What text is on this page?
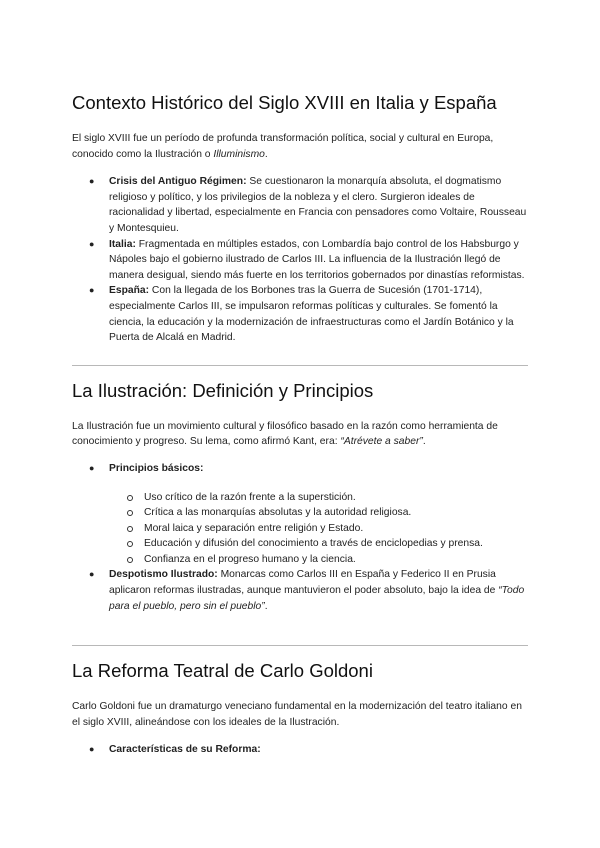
Contexto Histórico del Siglo XVIII en Italia y España

El siglo XVIII fue un período de profunda transformación política, social y cultural en Europa, conocido como la Ilustración o Illuminismo.

● Crisis del Antiguo Régimen: Se cuestionaron la monarquía absoluta, el dogmatismo religioso y político, y los privilegios de la nobleza y el clero. Surgieron ideales de racionalidad y libertad, especialmente en Francia con pensadores como Voltaire, Rousseau y Montesquieu.
● Italia: Fragmentada en múltiples estados, con Lombardía bajo control de los Habsburgo y Nápoles bajo el gobierno ilustrado de Carlos III. La influencia de la Ilustración llegó de manera desigual, siendo más fuerte en los territorios gobernados por dinastías reformistas.
● España: Con la llegada de los Borbones tras la Guerra de Sucesión (1701-1714), especialmente Carlos III, se impulsaron reformas políticas y culturales. Se fomentó la ciencia, la educación y la modernización de infraestructuras como el Jardín Botánico y la Puerta de Alcalá en Madrid.
La Ilustración: Definición y Principios

La Ilustración fue un movimiento cultural y filosófico basado en la razón como herramienta de conocimiento y progreso. Su lema, como afirmó Kant, era: “Atrévete a saber”.

● Principios básicos:
Uso crítico de la razón frente a la superstición.
Crítica a las monarquías absolutas y la autoridad religiosa.
Moral laica y separación entre religión y Estado.
Educación y difusión del conocimiento a través de enciclopedias y prensa.
Confianza en el progreso humano y la ciencia.
● Despotismo Ilustrado: Monarcas como Carlos III en España y Federico II en Prusia aplicaron reformas ilustradas, aunque mantuvieron el poder absoluto, bajo la idea de “Todo para el pueblo, pero sin el pueblo”.
La Reforma Teatral de Carlo Goldoni

Carlo Goldoni fue un dramaturgo veneciano fundamental en la modernización del teatro italiano en el siglo XVIII, alineándose con los ideales de la Ilustración.

● Características de su Reforma:
